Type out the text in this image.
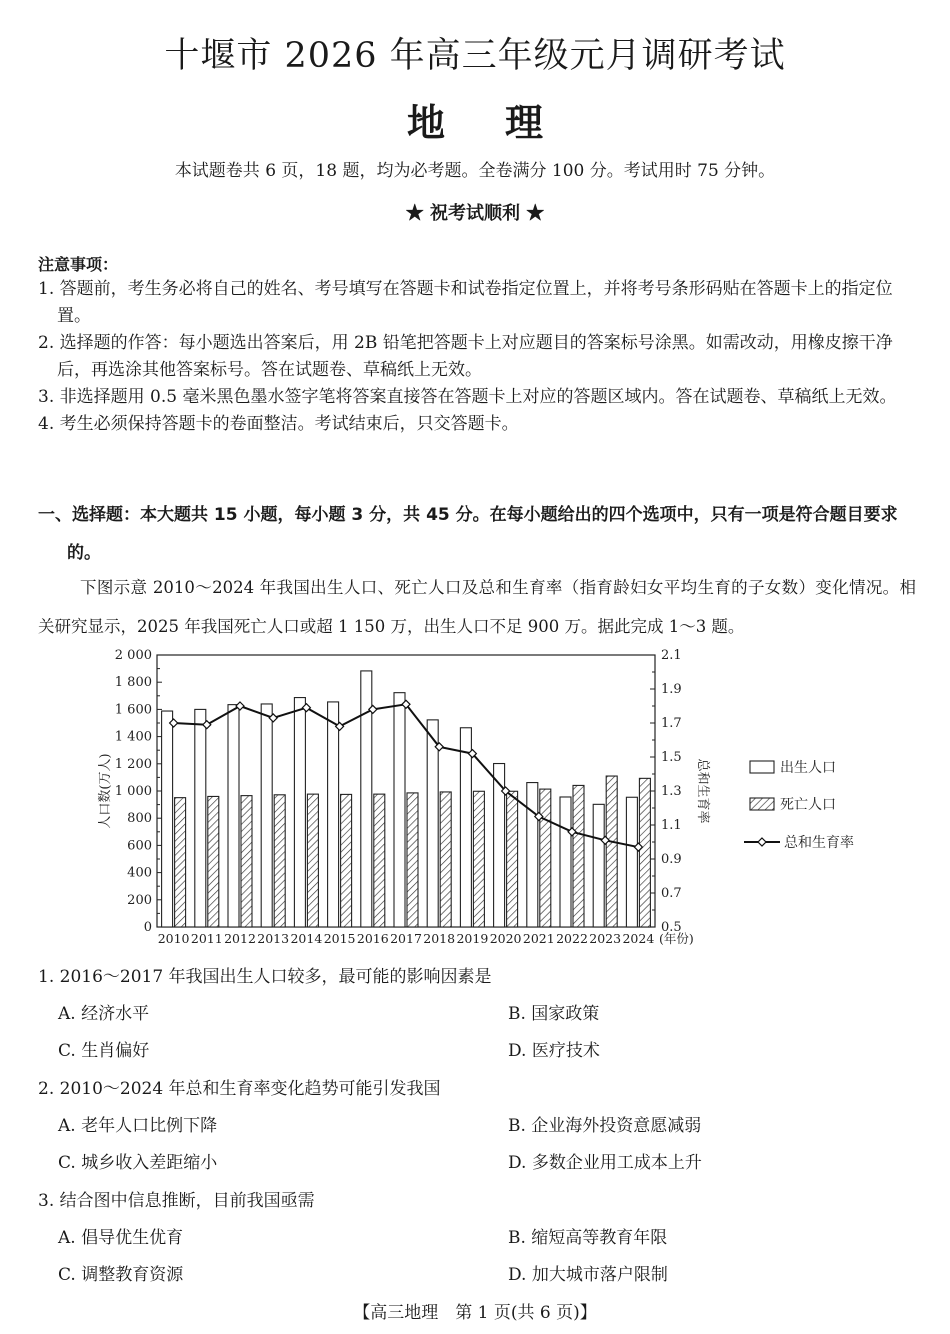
十堰市 2026 年高三年级元月调研考试
地理
本试题卷共 6 页，18 题，均为必考题。全卷满分 100 分。考试用时 75 分钟。
★ 祝考试顺利 ★
注意事项：
1. 答题前，考生务必将自己的姓名、考号填写在答题卡和试卷指定位置上，并将考号条形码贴在答题卡上的指定位置。
2. 选择题的作答：每小题选出答案后，用 2B 铅笔把答题卡上对应题目的答案标号涂黑。如需改动，用橡皮擦干净后，再选涂其他答案标号。答在试题卷、草稿纸上无效。
3. 非选择题用 0.5 毫米黑色墨水签字笔将答案直接答在答题卡上对应的答题区域内。答在试题卷、草稿纸上无效。
4. 考生必须保持答题卡的卷面整洁。考试结束后，只交答题卡。
一、选择题：本大题共 15 小题，每小题 3 分，共 45 分。在每小题给出的四个选项中，只有一项是符合题目要求的。
下图示意 2010～2024 年我国出生人口、死亡人口及总和生育率（指育龄妇女平均生育的子女数）变化情况。相关研究显示，2025 年我国死亡人口或超 1 150 万，出生人口不足 900 万。据此完成 1～3 题。
0
200
400
600
800
1 000
1 200
1 400
1 600
1 800
2 000
0.5
0.7
0.9
1.1
1.3
1.5
1.7
1.9
2.1
人口数(万人)	总和生育率
2010 2011 2012 2013 2014 2015 2016 2017 2018 2019 2020 2021 2022 2023 2024 (年份)
出生人口
死亡人口
总和生育率
1. 2016～2017 年我国出生人口较多，最可能的影响因素是
A. 经济水平	B. 国家政策
C. 生肖偏好	D. 医疗技术
2. 2010～2024 年总和生育率变化趋势可能引发我国
A. 老年人口比例下降	B. 企业海外投资意愿减弱
C. 城乡收入差距缩小	D. 多数企业用工成本上升
3. 结合图中信息推断，目前我国亟需
A. 倡导优生优育	B. 缩短高等教育年限
C. 调整教育资源	D. 加大城市落户限制
【高三地理　第 1 页(共 6 页)】
